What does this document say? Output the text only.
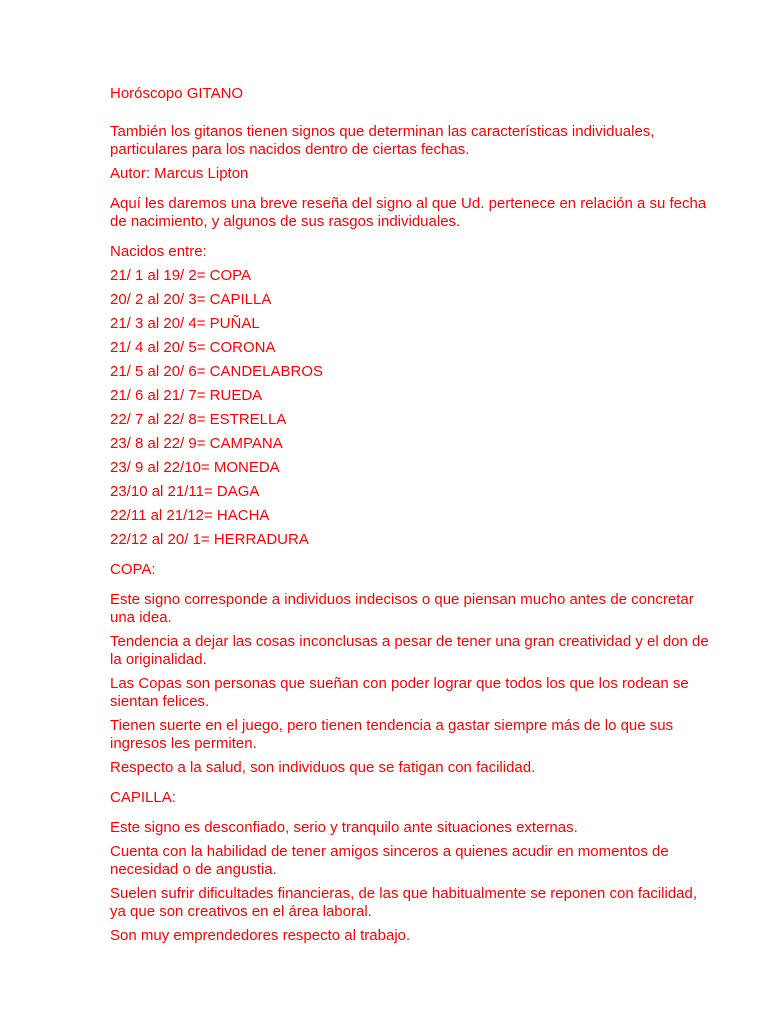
Horóscopo GITANO

También los gitanos tienen signos que determinan las características individuales, particulares para los nacidos dentro de ciertas fechas.

Autor: Marcus Lipton

Aquí les daremos una breve reseña del signo al que Ud. pertenece en relación a su fecha de nacimiento, y algunos de sus rasgos individuales.

Nacidos entre:

21/ 1 al 19/ 2= COPA
20/ 2 al 20/ 3= CAPILLA
21/ 3 al 20/ 4= PUÑAL
21/ 4 al 20/ 5= CORONA
21/ 5 al 20/ 6= CANDELABROS
21/ 6 al 21/ 7= RUEDA
22/ 7 al 22/ 8= ESTRELLA
23/ 8 al 22/ 9= CAMPANA
23/ 9 al 22/10= MONEDA
23/10 al 21/11= DAGA
22/11 al 21/12= HACHA
22/12 al 20/ 1= HERRADURA

COPA:

Este signo corresponde a individuos indecisos o que piensan mucho antes de concretar una idea.

Tendencia a dejar las cosas inconclusas a pesar de tener una gran creatividad y el don de la originalidad.

Las Copas son personas que sueñan con poder lograr que todos los que los rodean se sientan felices.

Tienen suerte en el juego, pero tienen tendencia a gastar siempre más de lo que sus ingresos les permiten.

Respecto a la salud, son individuos que se fatigan con facilidad.

CAPILLA:

Este signo es desconfiado, serio y tranquilo ante situaciones externas.

Cuenta con la habilidad de tener amigos sinceros a quienes acudir en momentos de necesidad o de angustia.

Suelen sufrir dificultades financieras, de las que habitualmente se reponen con facilidad, ya que son creativos en el área laboral.

Son muy emprendedores respecto al trabajo.
